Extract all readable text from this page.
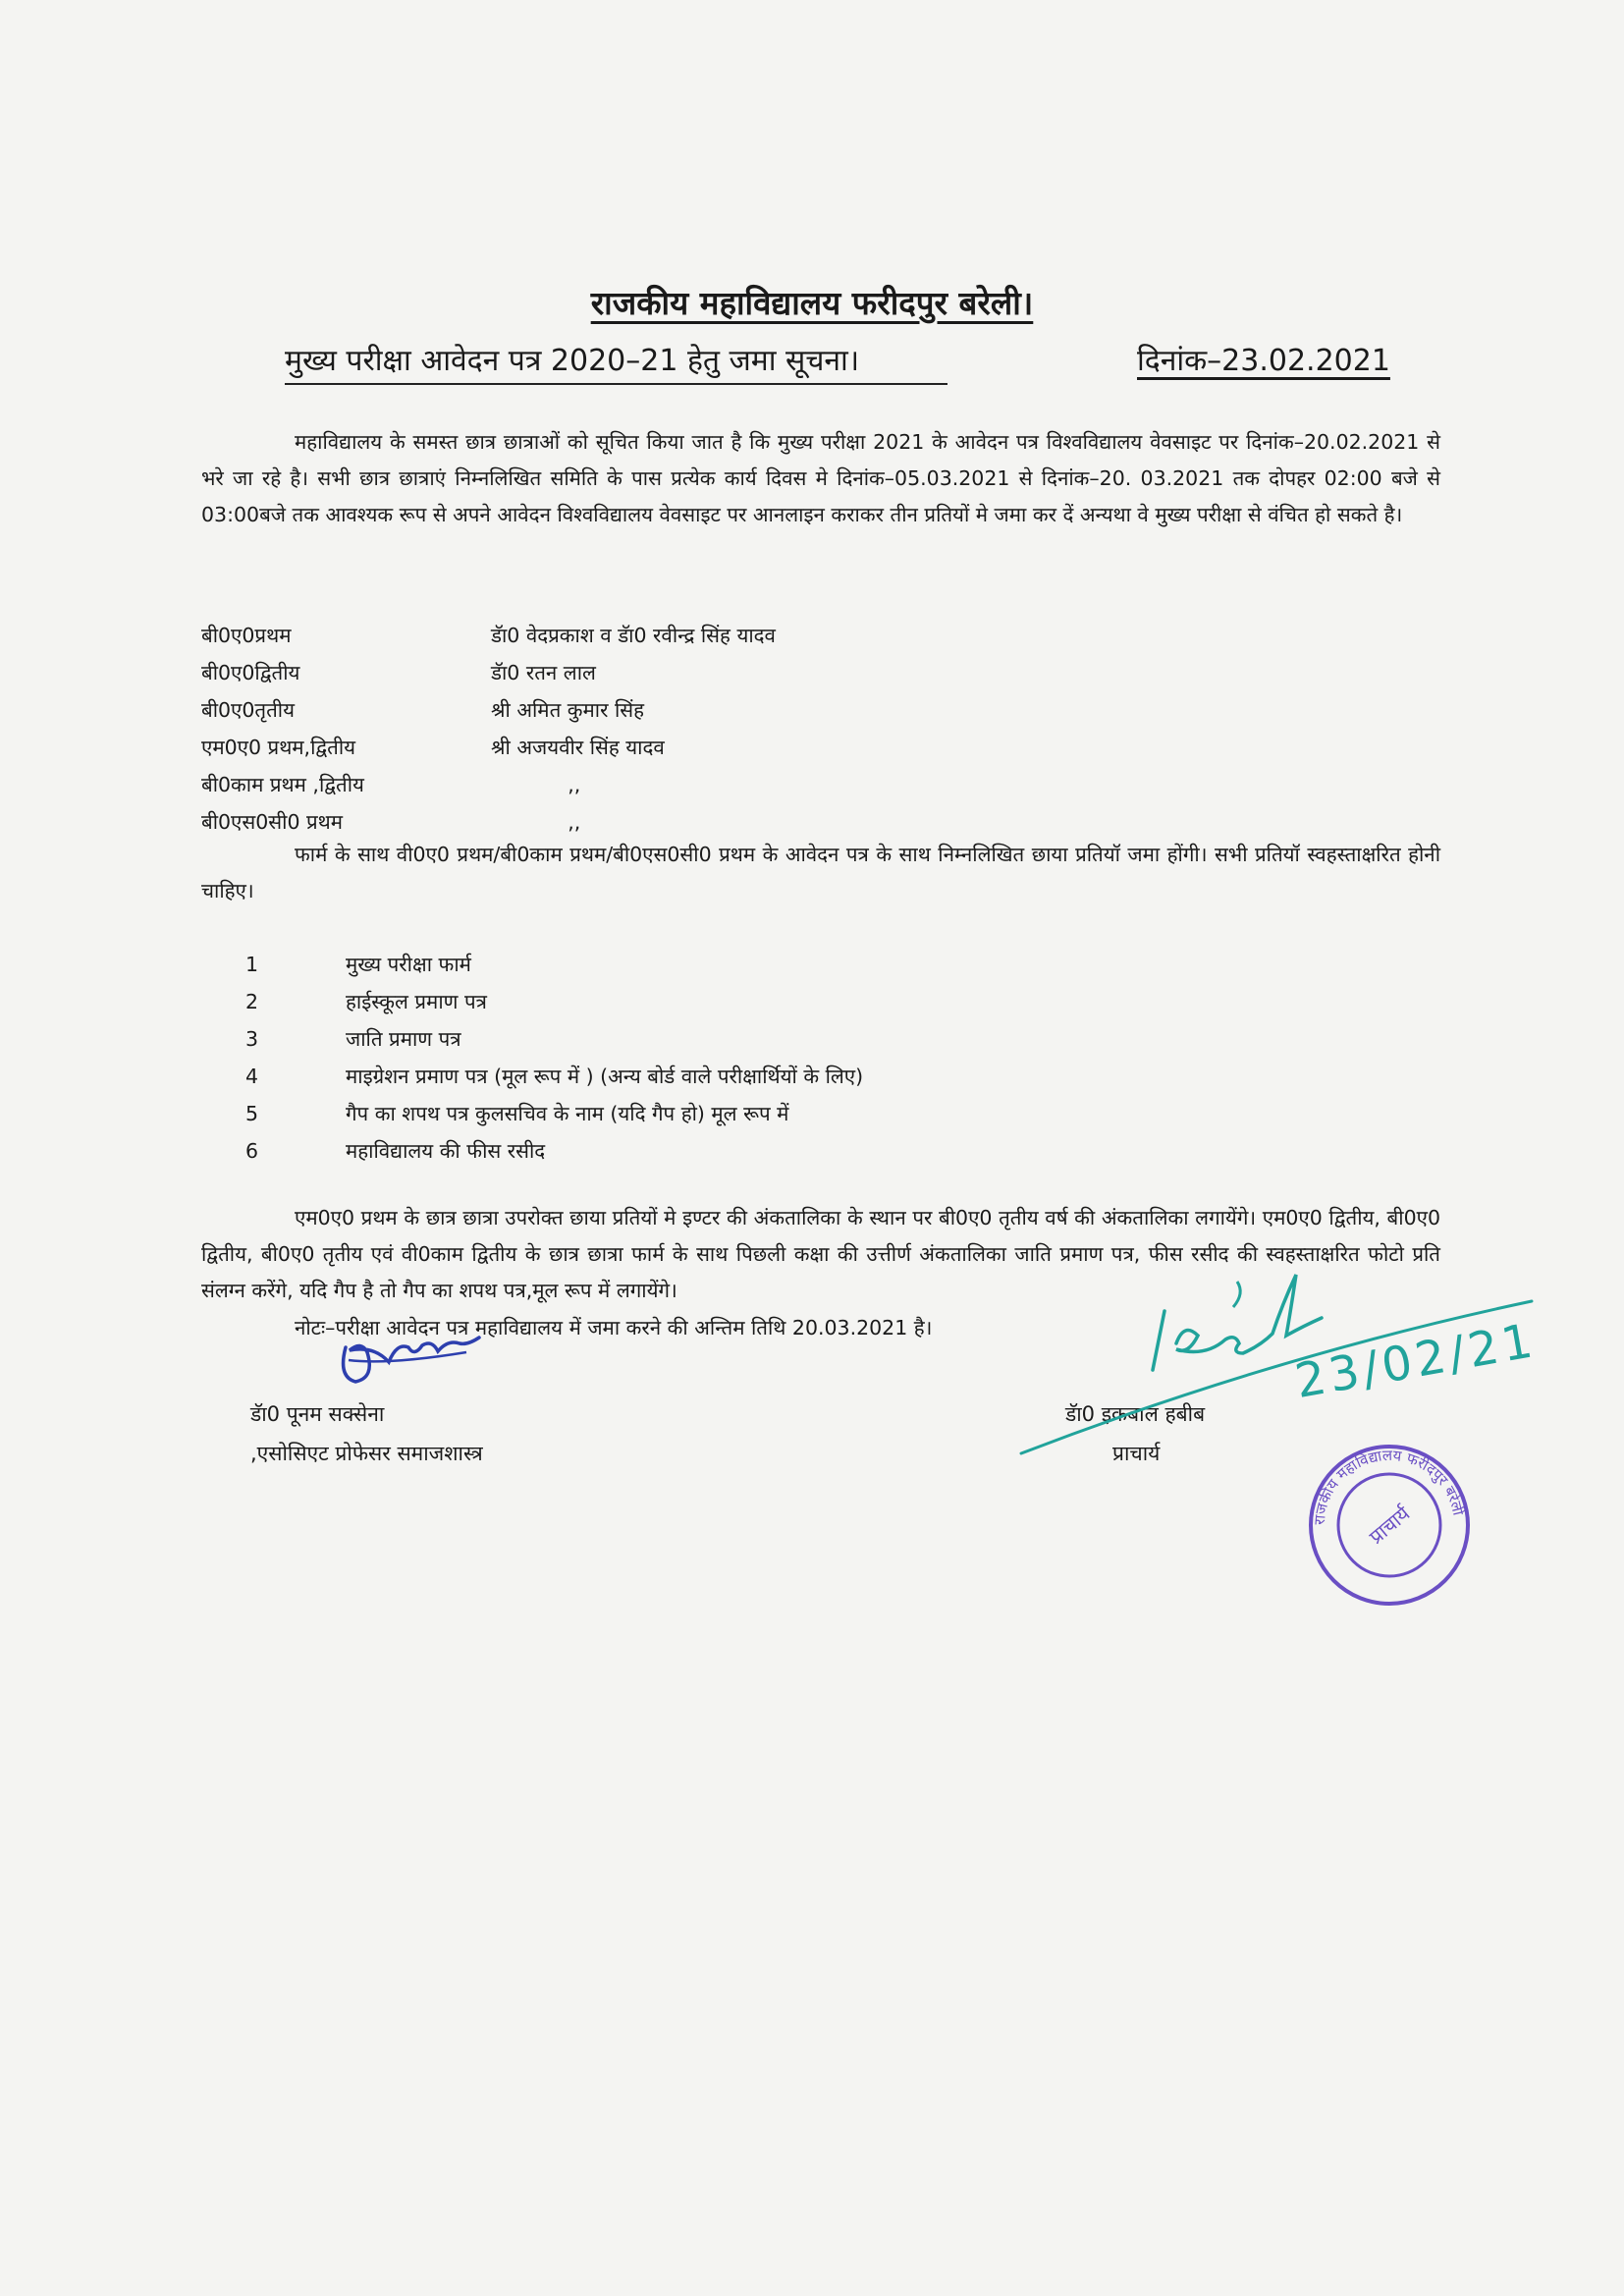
राजकीय महाविद्यालय फरीदपुर बरेली।
मुख्य परीक्षा आवेदन पत्र 2020–21 हेतु जमा सूचना।	दिनांक–23.02.2021
महाविद्यालय के समस्त छात्र छात्राओं को सूचित किया जात है कि मुख्य परीक्षा 2021 के आवेदन पत्र विश्वविद्यालय वेवसाइट पर दिनांक–20.02.2021 से भरे जा रहे है। सभी छात्र छात्राएं निम्नलिखित समिति के पास प्रत्येक कार्य दिवस मे दिनांक–05.03.2021 से दिनांक–20. 03.2021 तक दोपहर 02:00 बजे से 03:00बजे तक आवश्यक रूप से अपने आवेदन विश्वविद्यालय वेवसाइट पर आनलाइन कराकर तीन प्रतियों मे जमा कर दें अन्यथा वे मुख्य परीक्षा से वंचित हो सकते है।
बी0ए0प्रथम	डॅा0 वेदप्रकाश व डॅा0 रवीन्द्र सिंह यादव
बी0ए0द्वितीय	डॅा0 रतन लाल
बी0ए0तृतीय	श्री अमित कुमार सिंह
एम0ए0 प्रथम,द्वितीय	श्री अजयवीर सिंह यादव
बी0काम प्रथम ,द्वितीय	,,
बी0एस0सी0 प्रथम	,,
फार्म के साथ वी0ए0 प्रथम/बी0काम प्रथम/बी0एस0सी0 प्रथम के आवेदन पत्र के साथ निम्नलिखित छाया प्रतियॉ जमा होंगी। सभी प्रतियॉ स्वहस्ताक्षरित होनी चाहिए।
1	मुख्य परीक्षा फार्म
2	हाईस्कूल प्रमाण पत्र
3	जाति प्रमाण पत्र
4	माइग्रेशन प्रमाण पत्र (मूल रूप में ) (अन्य बोर्ड वाले परीक्षार्थियों के लिए)
5	गैप का शपथ पत्र कुलसचिव के नाम (यदि गैप हो) मूल रूप में
6	महाविद्यालय की फीस रसीद
एम0ए0 प्रथम के छात्र छात्रा उपरोक्त छाया प्रतियों मे इण्टर की अंकतालिका के स्थान पर बी0ए0 तृतीय वर्ष की अंकतालिका लगायेंगे। एम0ए0 द्वितीय, बी0ए0 द्वितीय, बी0ए0 तृतीय एवं वी0काम द्वितीय के छात्र छात्रा फार्म के साथ पिछली कक्षा की उत्तीर्ण अंकतालिका जाति प्रमाण पत्र, फीस रसीद की स्वहस्ताक्षरित फोटो प्रति संलग्न करेंगे, यदि गैप है तो गैप का शपथ पत्र,मूल रूप में लगायेंगे।
नोटः–परीक्षा आवेदन पत्र महाविद्यालय में जमा करने की अन्तिम तिथि 20.03.2021 है।
डॅा0 पूनम सक्सेना
,एसोसिएट प्रोफेसर समाजशास्त्र
डॅा0 इकबाल हबीब
प्राचार्य
23/02/21
राजकीय महाविद्यालय फरीदपुर बरेली
प्राचार्य
